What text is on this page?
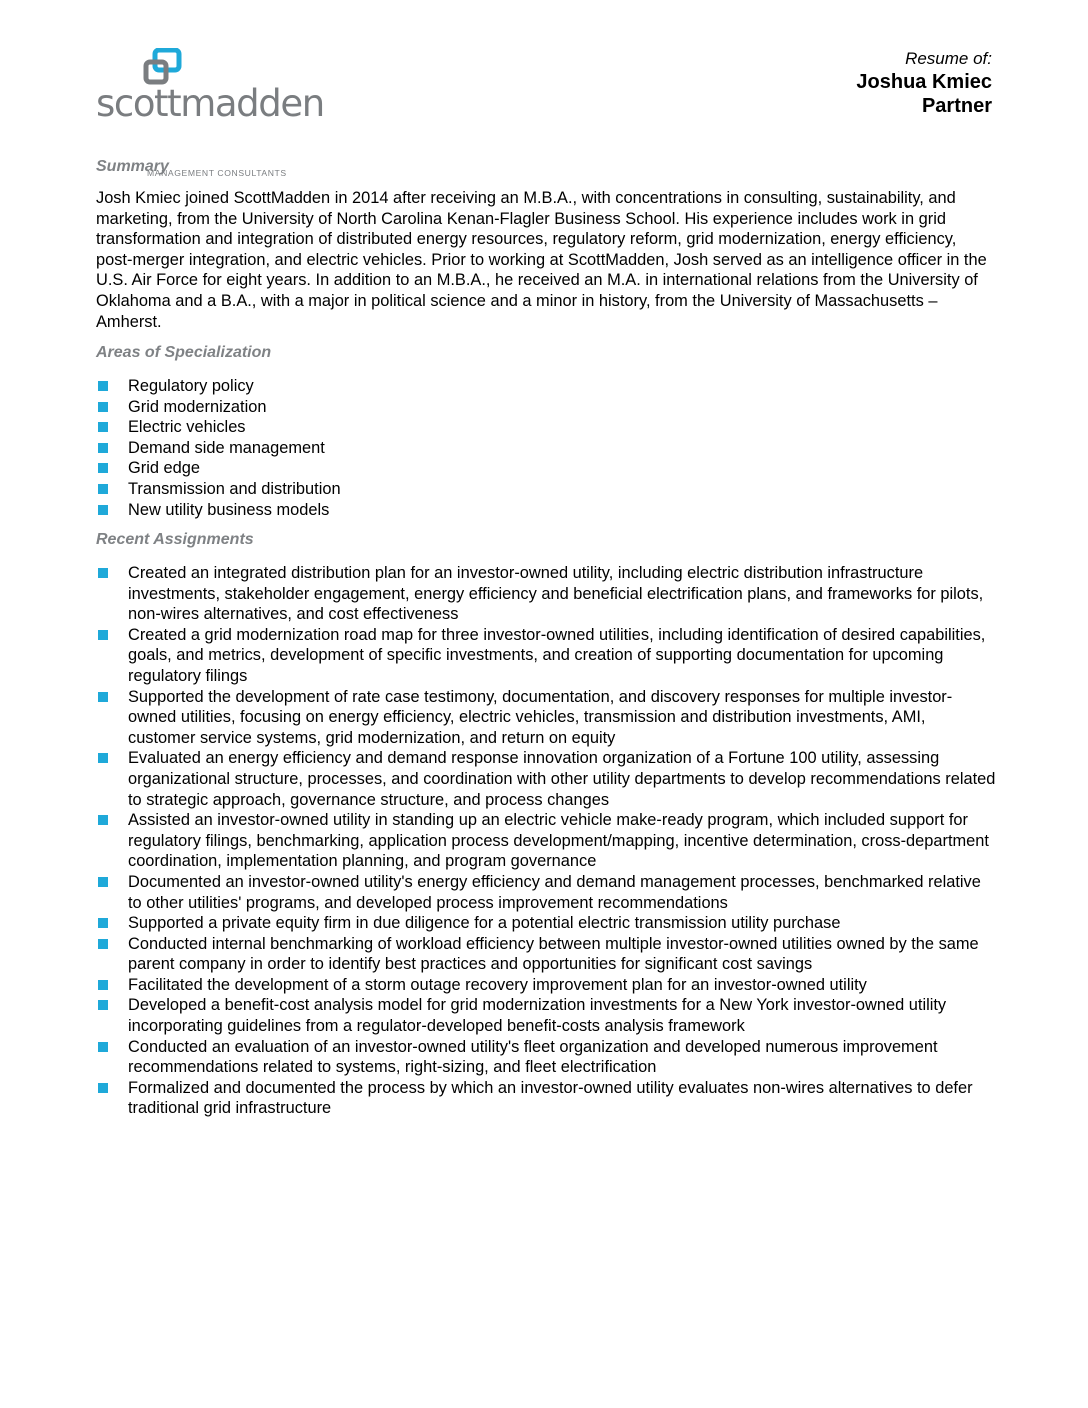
scottmadden
MANAGEMENT CONSULTANTS
Resume of:
Joshua Kmiec
Partner
Summary

Josh Kmiec joined ScottMadden in 2014 after receiving an M.B.A., with concentrations in consulting, sustainability, and marketing, from the University of North Carolina Kenan-Flagler Business School. His experience includes work in grid transformation and integration of distributed energy resources, regulatory reform, grid modernization, energy efficiency, post-merger integration, and electric vehicles. Prior to working at ScottMadden, Josh served as an intelligence officer in the U.S. Air Force for eight years. In addition to an M.B.A., he received an M.A. in international relations from the University of Oklahoma and a B.A., with a major in political science and a minor in history, from the University of Massachusetts – Amherst.

Areas of Specialization
Regulatory policy
Grid modernization
Electric vehicles
Demand side management
Grid edge
Transmission and distribution
New utility business models
Recent Assignments
Created an integrated distribution plan for an investor-owned utility, including electric distribution infrastructure investments, stakeholder engagement, energy efficiency and beneficial electrification plans, and frameworks for pilots, non-wires alternatives, and cost effectiveness
Created a grid modernization road map for three investor-owned utilities, including identification of desired capabilities, goals, and metrics, development of specific investments, and creation of supporting documentation for upcoming regulatory filings
Supported the development of rate case testimony, documentation, and discovery responses for multiple investor-owned utilities, focusing on energy efficiency, electric vehicles, transmission and distribution investments, AMI, customer service systems, grid modernization, and return on equity
Evaluated an energy efficiency and demand response innovation organization of a Fortune 100 utility, assessing organizational structure, processes, and coordination with other utility departments to develop recommendations related to strategic approach, governance structure, and process changes
Assisted an investor-owned utility in standing up an electric vehicle make-ready program, which included support for regulatory filings, benchmarking, application process development/mapping, incentive determination, cross-department coordination, implementation planning, and program governance
Documented an investor-owned utility's energy efficiency and demand management processes, benchmarked relative to other utilities' programs, and developed process improvement recommendations
Supported a private equity firm in due diligence for a potential electric transmission utility purchase
Conducted internal benchmarking of workload efficiency between multiple investor-owned utilities owned by the same parent company in order to identify best practices and opportunities for significant cost savings
Facilitated the development of a storm outage recovery improvement plan for an investor-owned utility
Developed a benefit-cost analysis model for grid modernization investments for a New York investor-owned utility incorporating guidelines from a regulator-developed benefit-costs analysis framework
Conducted an evaluation of an investor-owned utility's fleet organization and developed numerous improvement recommendations related to systems, right-sizing, and fleet electrification
Formalized and documented the process by which an investor-owned utility evaluates non-wires alternatives to defer traditional grid infrastructure
